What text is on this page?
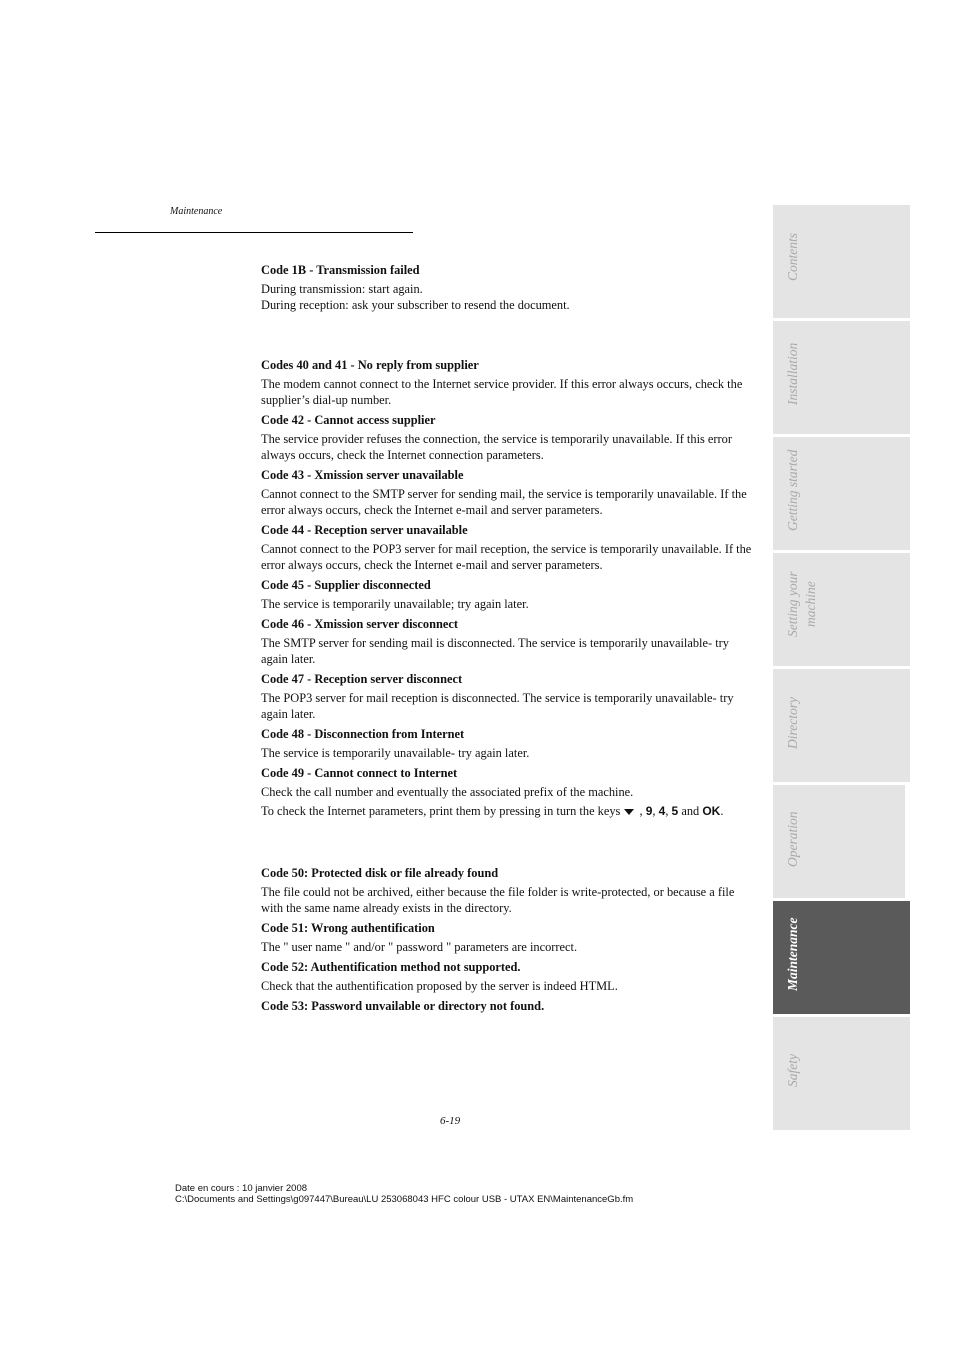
Maintenance
Code 1B - Transmission failed
During transmission: start again.
During reception: ask your subscriber to resend the document.
Codes 40 and 41 - No reply from supplier
The modem cannot connect to the Internet service provider. If this error always occurs, check the supplier’s dial-up number.
Code 42 - Cannot access supplier
The service provider refuses the connection, the service is temporarily unavailable. If this error always occurs, check the Internet connection parameters.
Code 43 - Xmission server unavailable
Cannot connect to the SMTP server for sending mail, the service is temporarily unavailable. If the error always occurs, check the Internet e-mail and server parameters.
Code 44 - Reception server unavailable
Cannot connect to the POP3 server for mail reception, the service is temporarily unavailable. If the error always occurs, check the Internet e-mail and server parameters.
Code 45 - Supplier disconnected
The service is temporarily unavailable; try again later.
Code 46 - Xmission server disconnect
The SMTP server for sending mail is disconnected. The service is temporarily unavailable- try again later.
Code 47 - Reception server disconnect
The POP3 server for mail reception is disconnected. The service is temporarily unavailable- try again later.
Code 48 - Disconnection from Internet
The service is temporarily unavailable- try again later.
Code 49 - Cannot connect to Internet
Check the call number and eventually the associated prefix of the machine.
To check the Internet parameters, print them by pressing in turn the keys , 9, 4, 5 and OK.
Code 50: Protected disk or file already found
The file could not be archived, either because the file folder is write-protected, or because a file with the same name already exists in the directory.
Code 51: Wrong authentification
The " user name " and/or " password " parameters are incorrect.
Code 52: Authentification method not supported.
Check that the authentification proposed by the server is indeed HTML.
Code 53: Password unvailable or directory not found.
6-19
Date en cours : 10 janvier 2008
C:\Documents and Settings\g097447\Bureau\LU 253068043 HFC colour USB - UTAX EN\MaintenanceGb.fm
Contents
Installation
Getting started
Setting your machine
Directory
Operation
Maintenance
Safety
